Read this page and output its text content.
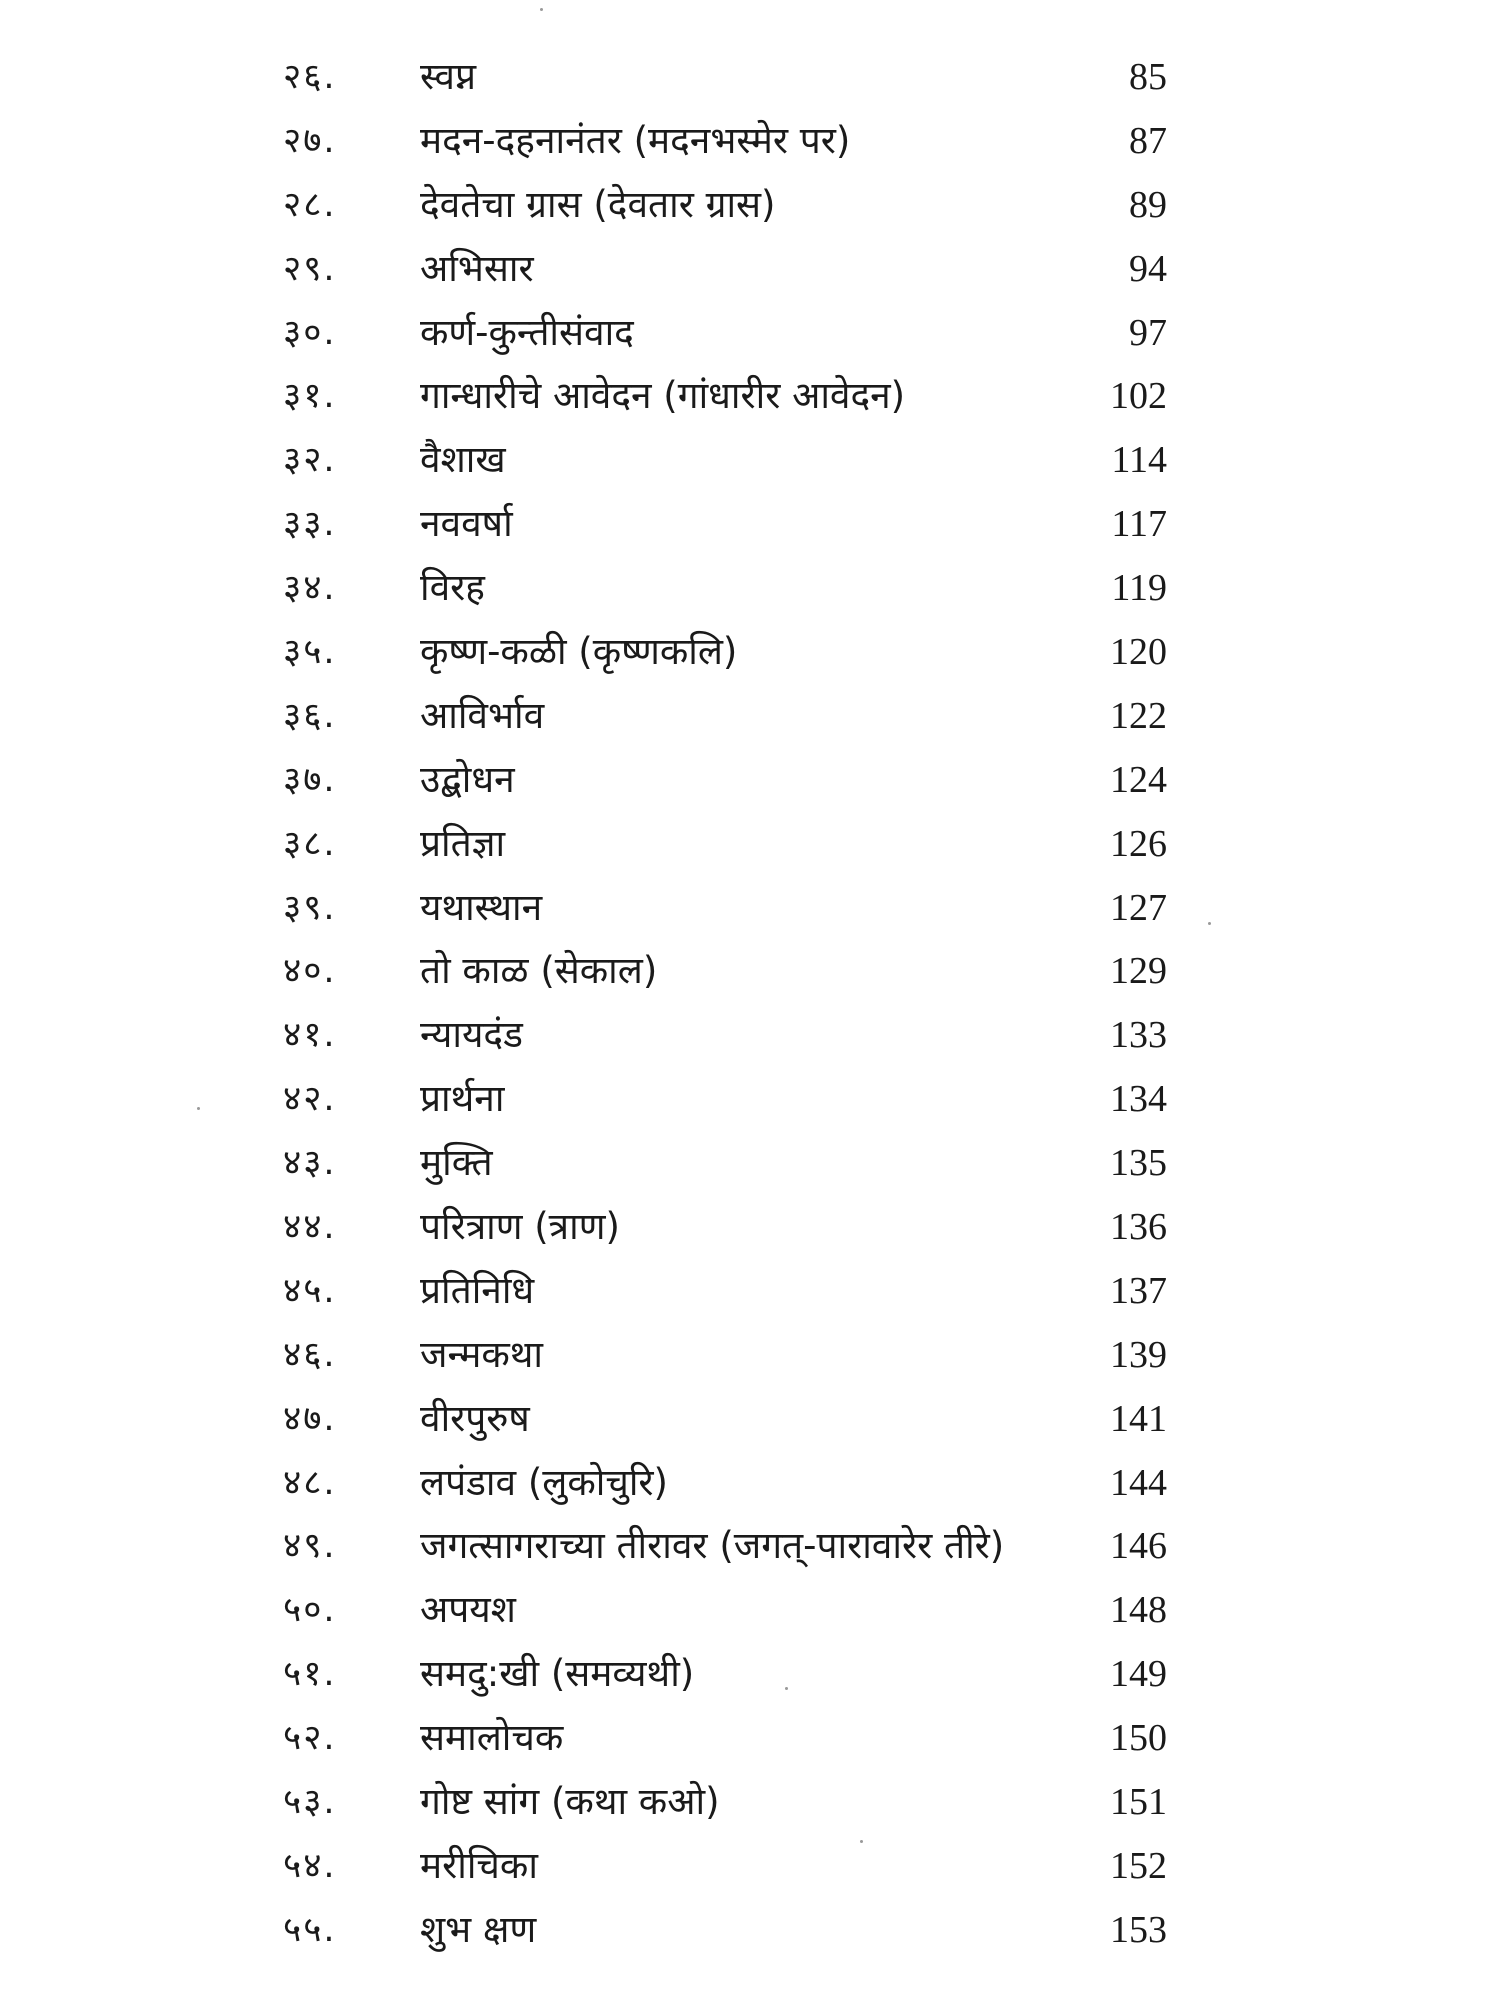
२६. स्वप्न	85
२७. मदन-दहनानंतर (मदनभस्मेर पर)	87
२८. देवतेचा ग्रास (देवतार ग्रास)	89
२९. अभिसार	94
३०. कर्ण-कुन्तीसंवाद	97
३१. गान्धारीचे आवेदन (गांधारीर आवेदन)	102
३२. वैशाख	114
३३. नववर्षा	117
३४. विरह	119
३५. कृष्ण-कळी (कृष्णकलि)	120
३६. आविर्भाव	122
३७. उद्बोधन	124
३८. प्रतिज्ञा	126
३९. यथास्थान	127
४०. तो काळ (सेकाल)	129
४१. न्यायदंड	133
४२. प्रार्थना	134
४३. मुक्ति	135
४४. परित्राण (त्राण)	136
४५. प्रतिनिधि	137
४६. जन्मकथा	139
४७. वीरपुरुष	141
४८. लपंडाव (लुकोचुरि)	144
४९. जगत्सागराच्या तीरावर (जगत्-पारावारेर तीरे)	146
५०. अपयश	148
५१. समदु:खी (समव्यथी)	149
५२. समालोचक	150
५३. गोष्ट सांग (कथा कओ)	151
५४. मरीचिका	152
५५. शुभ क्षण	153
